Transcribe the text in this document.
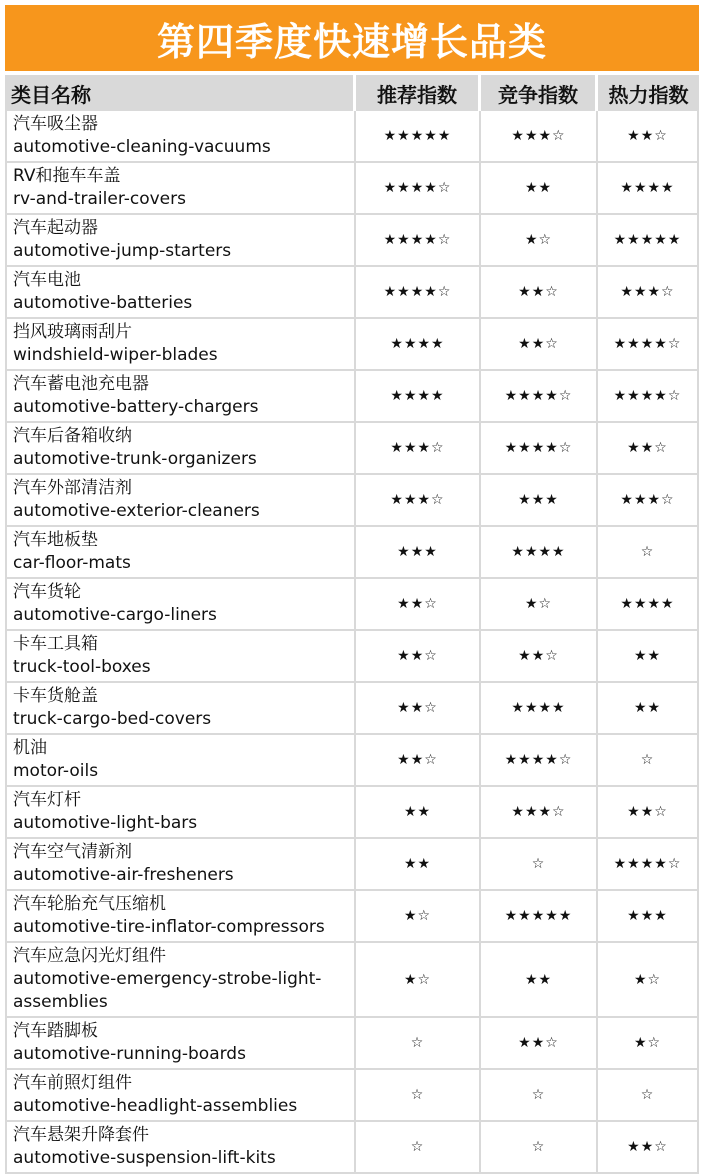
第四季度快速增长品类
类目名称	推荐指数	竞争指数	热力指数

汽车吸尘器
automotive-cleaning-vacuums	★★★★★	★★★☆	★★☆

RV和拖车车盖
rv-and-trailer-covers	★★★★☆	★★	★★★★

汽车起动器
automotive-jump-starters	★★★★☆	★☆	★★★★★

汽车电池
automotive-batteries	★★★★☆	★★☆	★★★☆

挡风玻璃雨刮片
windshield-wiper-blades	★★★★	★★☆	★★★★☆

汽车蓄电池充电器
automotive-battery-chargers	★★★★	★★★★☆	★★★★☆

汽车后备箱收纳
automotive-trunk-organizers	★★★☆	★★★★☆	★★☆

汽车外部清洁剂
automotive-exterior-cleaners	★★★☆	★★★	★★★☆

汽车地板垫
car-floor-mats	★★★	★★★★	☆

汽车货轮
automotive-cargo-liners	★★☆	★☆	★★★★

卡车工具箱
truck-tool-boxes	★★☆	★★☆	★★

卡车货舱盖
truck-cargo-bed-covers	★★☆	★★★★	★★

机油
motor-oils	★★☆	★★★★☆	☆

汽车灯杆
automotive-light-bars	★★	★★★☆	★★☆

汽车空气清新剂
automotive-air-fresheners	★★	☆	★★★★☆

汽车轮胎充气压缩机
automotive-tire-inflator-compressors	★☆	★★★★★	★★★

汽车应急闪光灯组件
automotive-emergency-strobe-light-assemblies	★☆	★★	★☆

汽车踏脚板
automotive-running-boards	☆	★★☆	★☆

汽车前照灯组件
automotive-headlight-assemblies	☆	☆	☆

汽车悬架升降套件
automotive-suspension-lift-kits	☆	☆	★★☆
